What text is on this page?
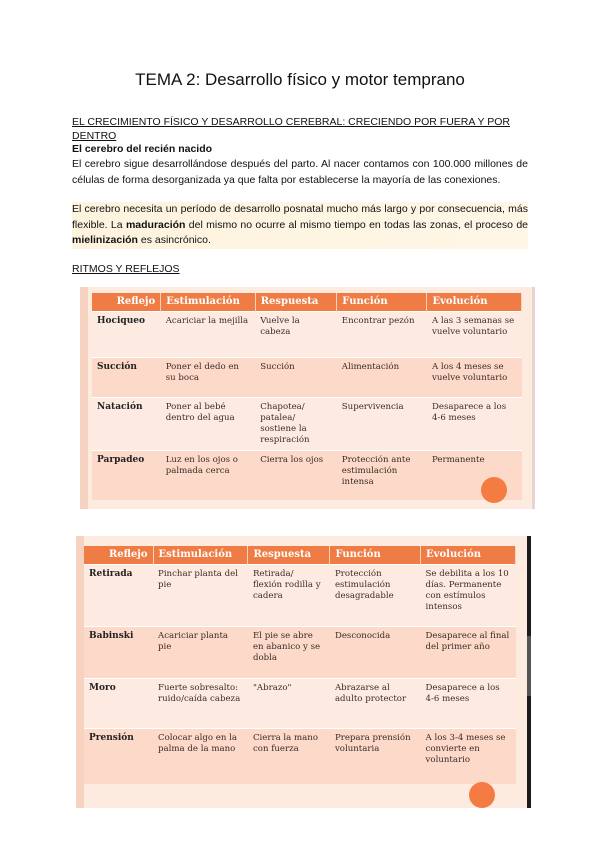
TEMA 2: Desarrollo físico y motor temprano
EL CRECIMIENTO FÍSICO Y DESARROLLO CEREBRAL: CRECIENDO POR FUERA Y POR DENTRO
El cerebro del recién nacido
El cerebro sigue desarrollándose después del parto. Al nacer contamos con 100.000 millones de células de forma desorganizada ya que falta por establecerse la mayoría de las conexiones.
El cerebro necesita un período de desarrollo posnatal mucho más largo y por consecuencia, más flexible. La maduración del mismo no ocurre al mismo tiempo en todas las zonas, el proceso de mielinización es asincrónico.
RITMOS Y REFLEJOS
Reflejo	Estimulación	Respuesta	Función	Evolución
Hociqueo	Acariciar la mejilla	Vuelve la cabeza	Encontrar pezón	A las 3 semanas se vuelve voluntario
Succión	Poner el dedo en su boca	Succión	Alimentación	A los 4 meses se vuelve voluntario
Natación	Poner al bebé dentro del agua	Chapotea/ patalea/ sostiene la respiración	Supervivencia	Desaparece a los 4-6 meses
Parpadeo	Luz en los ojos o palmada cerca	Cierra los ojos	Protección ante estimulación intensa	Permanente
Reflejo	Estimulación	Respuesta	Función	Evolución
Retirada	Pinchar planta del pie	Retirada/ flexión rodilla y cadera	Protección estimulación desagradable	Se debilita a los 10 días. Permanente con estímulos intensos
Babinski	Acariciar planta pie	El pie se abre en abanico y se dobla	Desconocida	Desaparece al final del primer año
Moro	Fuerte sobresalto: ruido/caída cabeza	"Abrazo"	Abrazarse al adulto protector	Desaparece a los 4-6 meses
Prensión	Colocar algo en la palma de la mano	Cierra la mano con fuerza	Prepara prensión voluntaria	A los 3-4 meses se convierte en voluntario
